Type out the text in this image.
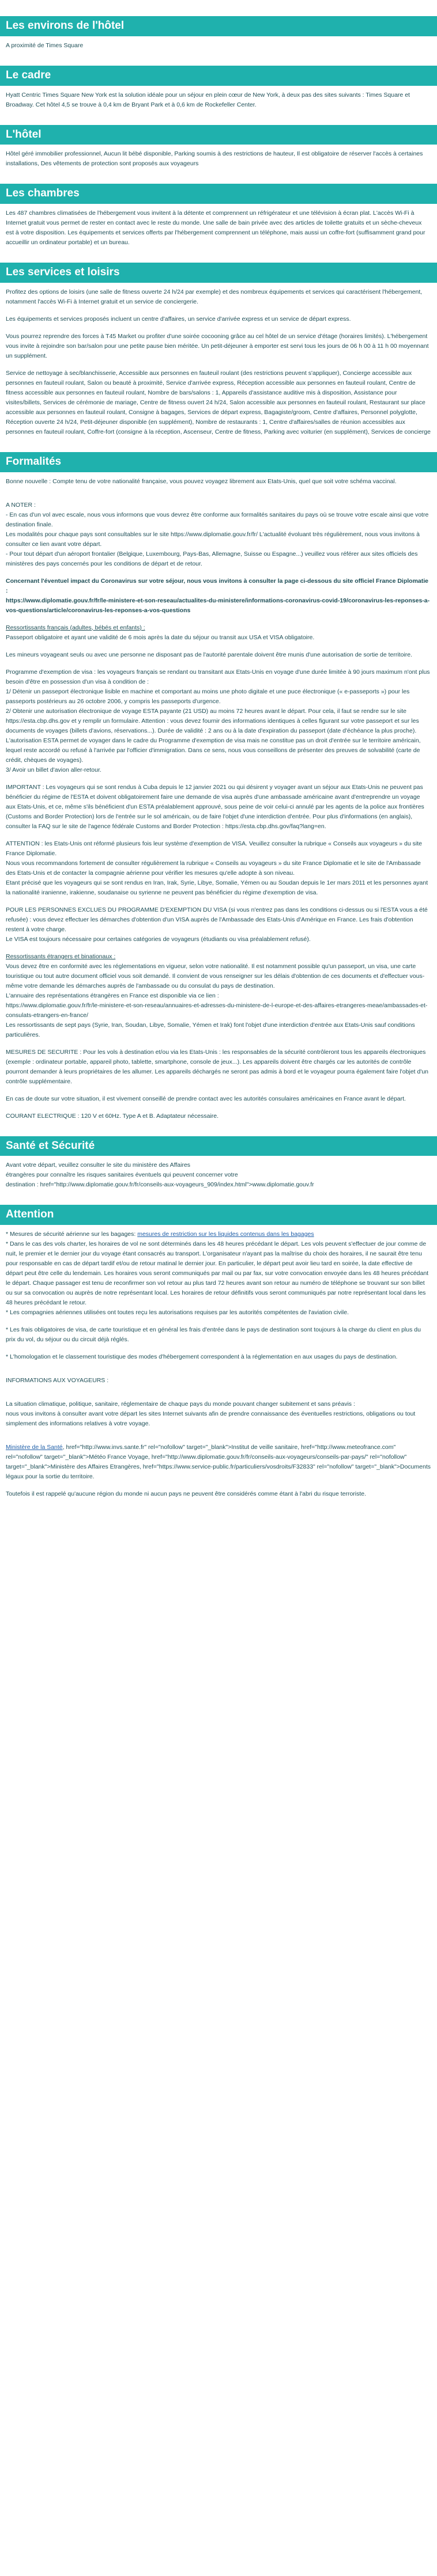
Les environs de l'hôtel

A proximité de Times Square

Le cadre

Hyatt Centric Times Square New York est la solution idéale pour un séjour en plein cœur de New York, à deux pas des sites suivants : Times Square et Broadway. Cet hôtel 4,5 se trouve à 0,4 km de Bryant Park et à 0,6 km de Rockefeller Center.

L'hôtel

Hôtel géré immobilier professionnel, Aucun lit bébé disponible, Parking soumis à des restrictions de hauteur, Il est obligatoire de réserver l'accès à certaines installations, Des vêtements de protection sont proposés aux voyageurs

Les chambres

Les 487 chambres climatisées de l'hébergement vous invitent à la détente et comprennent un réfrigérateur et une télévision à écran plat. L'accès Wi-Fi à Internet gratuit vous permet de rester en contact avec le reste du monde. Une salle de bain privée avec des articles de toilette gratuits et un sèche-cheveux est à votre disposition. Les équipements et services offerts par l'hébergement comprennent un téléphone, mais aussi un coffre-fort (suffisamment grand pour accueillir un ordinateur portable) et un bureau.

Les services et loisirs

Profitez des options de loisirs (une salle de fitness ouverte 24 h/24 par exemple) et des nombreux équipements et services qui caractérisent l'hébergement, notamment l'accès Wi-Fi à Internet gratuit et un service de conciergerie.

Les équipements et services proposés incluent un centre d'affaires, un service d'arrivée express et un service de départ express.

Vous pourrez reprendre des forces à T45 Market ou profiter d'une soirée cocooning grâce au cel hôtel de un service d'étage (horaires limités). L'hébergement vous invite à rejoindre son bar/salon pour une petite pause bien méritée. Un petit-déjeuner à emporter est servi tous les jours de 06 h 00 à 11 h 00 moyennant un supplément.

Service de nettoyage à sec/blanchisserie, Accessible aux personnes en fauteuil roulant (des restrictions peuvent s'appliquer), Concierge accessible aux personnes en fauteuil roulant, Salon ou beauté à proximité, Service d'arrivée express, Réception accessible aux personnes en fauteuil roulant, Centre de fitness accessible aux personnes en fauteuil roulant, Nombre de bars/salons : 1, Appareils d'assistance auditive mis à disposition, Assistance pour visites/billets, Services de cérémonie de mariage, Centre de fitness ouvert 24 h/24, Salon accessible aux personnes en fauteuil roulant, Restaurant sur place accessible aux personnes en fauteuil roulant, Consigne à bagages, Services de départ express, Bagagiste/groom, Centre d'affaires, Personnel polyglotte, Réception ouverte 24 h/24, Petit-déjeuner disponible (en supplément), Nombre de restaurants : 1, Centre d'affaires/salles de réunion accessibles aux personnes en fauteuil roulant, Coffre-fort (consigne à la réception, Ascenseur, Centre de fitness, Parking avec voiturier (en supplément), Services de concierge

Formalités

Bonne nouvelle : Compte tenu de votre nationalité française, vous pouvez voyagez librement aux Etats-Unis, quel que soit votre schéma vaccinal.

A NOTER :
- En cas d'un vol avec escale, nous vous informons que vous devrez être conforme aux formalités sanitaires du pays où se trouve votre escale ainsi que votre destination finale.
Les modalités pour chaque pays sont consultables sur le site https://www.diplomatie.gouv.fr/fr/ L'actualité évoluant très régulièrement, nous vous invitons à consulter ce lien avant votre départ.
- Pour tout départ d'un aéroport frontalier (Belgique, Luxembourg, Pays-Bas, Allemagne, Suisse ou Espagne...) veuillez vous référer aux sites officiels des ministères des pays concernés pour les conditions de départ et de retour.

Concernant l'éventuel impact du Coronavirus sur votre séjour, nous vous invitons à consulter la page ci-dessous du site officiel France Diplomatie :
https://www.diplomatie.gouv.fr/fr/le-ministere-et-son-reseau/actualites-du-ministere/informations-coronavirus-covid-19/coronavirus-les-reponses-a-vos-questions/article/coronavirus-les-reponses-a-vos-questions

Ressortissants français (adultes, bébés et enfants) :

Passeport obligatoire et ayant une validité de 6 mois après la date du séjour ou transit aux USA et VISA obligatoire.

Les mineurs voyageant seuls ou avec une personne ne disposant pas de l'autorité parentale doivent être munis d'une autorisation de sortie de territoire.

Programme d'exemption de visa : les voyageurs français se rendant ou transitant aux Etats-Unis en voyage d'une durée limitée à 90 jours maximum n'ont plus besoin d'être en possession d'un visa à condition de :
1/ Détenir un passeport électronique lisible en machine et comportant au moins une photo digitale et une puce électronique (« e-passeports ») pour les passeports postérieurs au 26 octobre 2006, y compris les passeports d'urgence.
2/ Obtenir une autorisation électronique de voyage ESTA payante (21 USD) au moins 72 heures avant le départ. Pour cela, il faut se rendre sur le site https://esta.cbp.dhs.gov et y remplir un formulaire. Attention : vous devez fournir des informations identiques à celles figurant sur votre passeport et sur les documents de voyages (billets d'avions, réservations...). Durée de validité : 2 ans ou à la date d'expiration du passeport (date d'échéance la plus proche). L'autorisation ESTA permet de voyager dans le cadre du Programme d'exemption de visa mais ne constitue pas un droit d'entrée sur le territoire américain, lequel reste accordé ou refusé à l'arrivée par l'officier d'immigration. Dans ce sens, nous vous conseillons de présenter des preuves de solvabilité (carte de crédit, chèques de voyages).
3/ Avoir un billet d'avion aller-retour.

IMPORTANT : Les voyageurs qui se sont rendus à Cuba depuis le 12 janvier 2021 ou qui désirent y voyager avant un séjour aux Etats-Unis ne peuvent pas bénéficier du régime de l'ESTA et doivent obligatoirement faire une demande de visa auprès d'une ambassade américaine avant d'entreprendre un voyage aux Etats-Unis, et ce, même s'ils bénéficient d'un ESTA préalablement approuvé, sous peine de voir celui-ci annulé par les agents de la police aux frontières (Customs and Border Protection) lors de l'entrée sur le sol américain, ou de faire l'objet d'une interdiction d'entrée. Pour plus d'informations (en anglais), consulter la FAQ sur le site de l'agence fédérale Customs and Border Protection : https://esta.cbp.dhs.gov/faq?lang=en.

ATTENTION : les Etats-Unis ont réformé plusieurs fois leur système d'exemption de VISA. Veuillez consulter la rubrique « Conseils aux voyageurs » du site France Diplomatie.
Nous vous recommandons fortement de consulter régulièrement la rubrique « Conseils au voyageurs » du site France Diplomatie et le site de l'Ambassade des Etats-Unis et de contacter la compagnie aérienne pour vérifier les mesures qu'elle adopte à son niveau.
Etant précisé que les voyageurs qui se sont rendus en Iran, Irak, Syrie, Libye, Somalie, Yémen ou au Soudan depuis le 1er mars 2011 et les personnes ayant la nationalité iranienne, irakienne, soudanaise ou syrienne ne peuvent pas bénéficier du régime d'exemption de visa.

POUR LES PERSONNES EXCLUES DU PROGRAMME D'EXEMPTION DU VISA (si vous n'entrez pas dans les conditions ci-dessus ou si l'ESTA vous a été refusée) : vous devez effectuer les démarches d'obtention d'un VISA auprès de l'Ambassade des Etats-Unis d'Amérique en France. Les frais d'obtention restent à votre charge.
Le VISA est toujours nécessaire pour certaines catégories de voyageurs (étudiants ou visa préalablement refusé).

Ressortissants étrangers et binationaux :

Vous devez être en conformité avec les réglementations en vigueur, selon votre nationalité. Il est notamment possible qu'un passeport, un visa, une carte touristique ou tout autre document officiel vous soit demandé. Il convient de vous renseigner sur les délais d'obtention de ces documents et d'effectuer vous-même votre demande les démarches auprès de l'ambassade ou du consulat du pays de destination.
L'annuaire des représentations étrangères en France est disponible via ce lien :
https://www.diplomatie.gouv.fr/fr/le-ministere-et-son-reseau/annuaires-et-adresses-du-ministere-de-l-europe-et-des-affaires-etrangeres-meae/ambassades-et-consulats-etrangers-en-france/
Les ressortissants de sept pays (Syrie, Iran, Soudan, Libye, Somalie, Yémen et Irak) font l'objet d'une interdiction d'entrée aux Etats-Unis sauf conditions particulières.

MESURES DE SECURITE : Pour les vols à destination et/ou via les Etats-Unis : les responsables de la sécurité contrôleront tous les appareils électroniques (exemple : ordinateur portable, appareil photo, tablette, smartphone, console de jeux...). Les appareils doivent être chargés car les autorités de contrôle pourront demander à leurs propriétaires de les allumer. Les appareils déchargés ne seront pas admis à bord et le voyageur pourra également faire l'objet d'un contrôle supplémentaire.

En cas de doute sur votre situation, il est vivement conseillé de prendre contact avec les autorités consulaires américaines en France avant le départ.

COURANT ELECTRIQUE : 120 V et 60Hz. Type A et B. Adaptateur nécessaire.

Santé et Sécurité

Avant votre départ, veuillez consulter le site du ministère des Affaires
étrangères pour connaître les risques sanitaires éventuels qui peuvent concerner votre
destination : href="http://www.diplomatie.gouv.fr/fr/conseils-aux-voyageurs_909/index.html">www.diplomatie.gouv.fr

Attention
* Mesures de sécurité aérienne sur les bagages: mesures de restriction sur les liquides contenus dans les bagages

* Dans le cas des vols charter, les horaires de vol ne sont déterminés dans les 48 heures précédant le départ. Les vols peuvent s'effectuer de jour comme de nuit, le premier et le dernier jour du voyage étant consacrés au transport. L'organisateur n'ayant pas la maîtrise du choix des horaires, il ne saurait être tenu pour responsable en cas de départ tardif et/ou de retour matinal le dernier jour. En particulier, le départ peut avoir lieu tard en soirée, la date effective de départ peut être celle du lendemain. Les horaires vous seront communiqués par mail ou par fax, sur votre convocation envoyée dans les 48 heures précédant le départ. Chaque passager est tenu de reconfirmer son vol retour au plus tard 72 heures avant son retour au numéro de téléphone se trouvant sur son billet ou sur sa convocation ou auprès de notre représentant local. Les horaires de retour définitifs vous seront communiqués par notre représentant local dans les 48 heures précédant le retour.
* Les compagnies aériennes utilisées ont toutes reçu les autorisations requises par les autorités compétentes de l'aviation civile.

* Les frais obligatoires de visa, de carte touristique et en général les frais d'entrée dans le pays de destination sont toujours à la charge du client en plus du prix du vol, du séjour ou du circuit déjà réglés.

* L'homologation et le classement touristique des modes d'hébergement correspondent à la réglementation en aux usages du pays de destination.

INFORMATIONS AUX VOYAGEURS :

La situation climatique, politique, sanitaire, réglementaire de chaque pays du monde pouvant changer subitement et sans préavis :
nous vous invitons à consulter avant votre départ les sites Internet suivants afin de prendre connaissance des éventuelles restrictions, obligations ou tout simplement des informations relatives à votre voyage.

Ministère de la Santé, href="http://www.invs.sante.fr" rel="nofollow" target="_blank">Institut de veille sanitaire, href="http://www.meteofrance.com" rel="nofollow" target="_blank">Météo France Voyage, href="http://www.diplomatie.gouv.fr/fr/conseils-aux-voyageurs/conseils-par-pays/" rel="nofollow" target="_blank">Ministère des Affaires Etrangères, href="https://www.service-public.fr/particuliers/vosdroits/F32833" rel="nofollow" target="_blank">Documents légaux pour la sortie du territoire.

Toutefois il est rappelé qu'aucune région du monde ni aucun pays ne peuvent être considérés comme étant à l'abri du risque terroriste.
